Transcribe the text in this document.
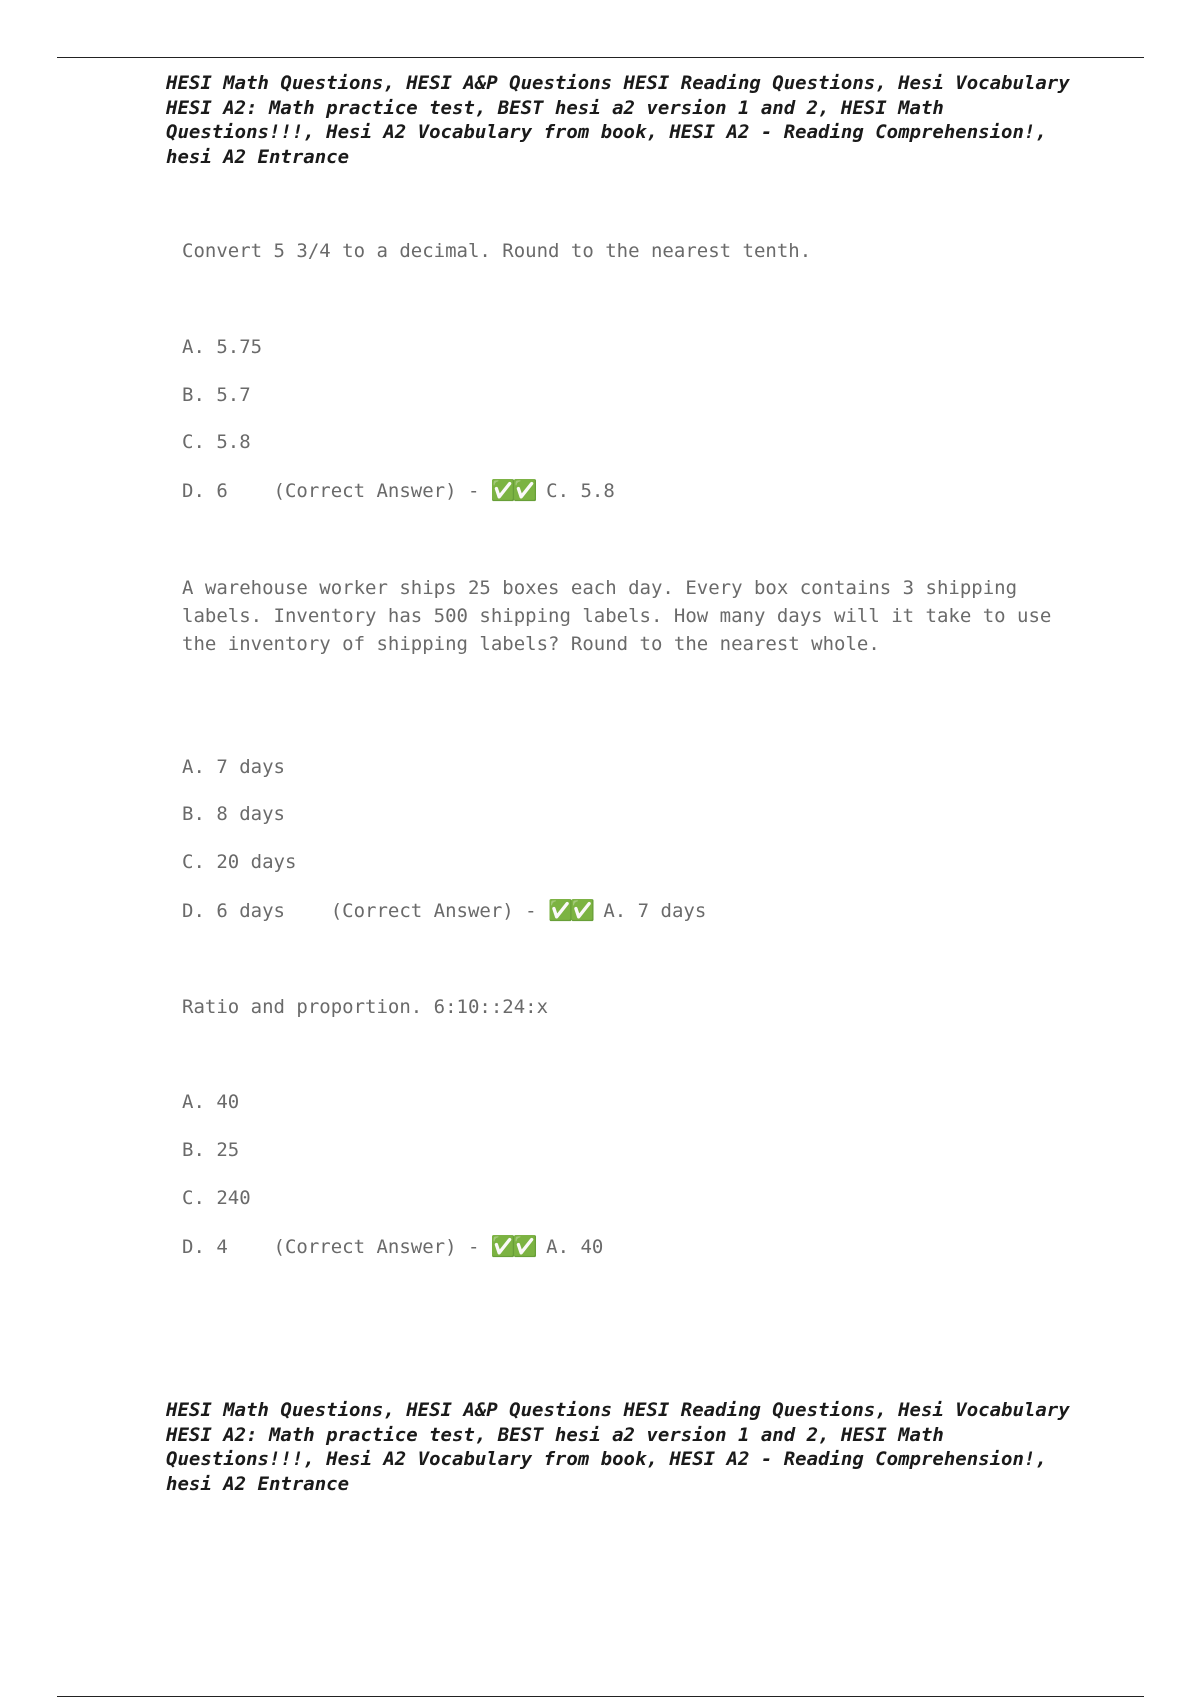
HESI Math Questions, HESI A&P Questions HESI Reading Questions, Hesi Vocabulary HESI A2: Math practice test, BEST hesi a2 version 1 and 2, HESI Math Questions!!!, Hesi A2 Vocabulary from book, HESI A2 - Reading Comprehension!, hesi A2 Entrance

Convert 5 3/4 to a decimal. Round to the nearest tenth.

A. 5.75

B. 5.7

C. 5.8

D. 6 (Correct Answer) - ✅✅ C. 5.8

A warehouse worker ships 25 boxes each day. Every box contains 3 shipping labels. Inventory has 500 shipping labels. How many days will it take to use the inventory of shipping labels? Round to the nearest whole.

A. 7 days

B. 8 days

C. 20 days

D. 6 days (Correct Answer) - ✅✅ A. 7 days

Ratio and proportion. 6:10::24:x

A. 40

B. 25

C. 240

D. 4 (Correct Answer) - ✅✅ A. 40

HESI Math Questions, HESI A&P Questions HESI Reading Questions, Hesi Vocabulary HESI A2: Math practice test, BEST hesi a2 version 1 and 2, HESI Math Questions!!!, Hesi A2 Vocabulary from book, HESI A2 - Reading Comprehension!, hesi A2 Entrance
